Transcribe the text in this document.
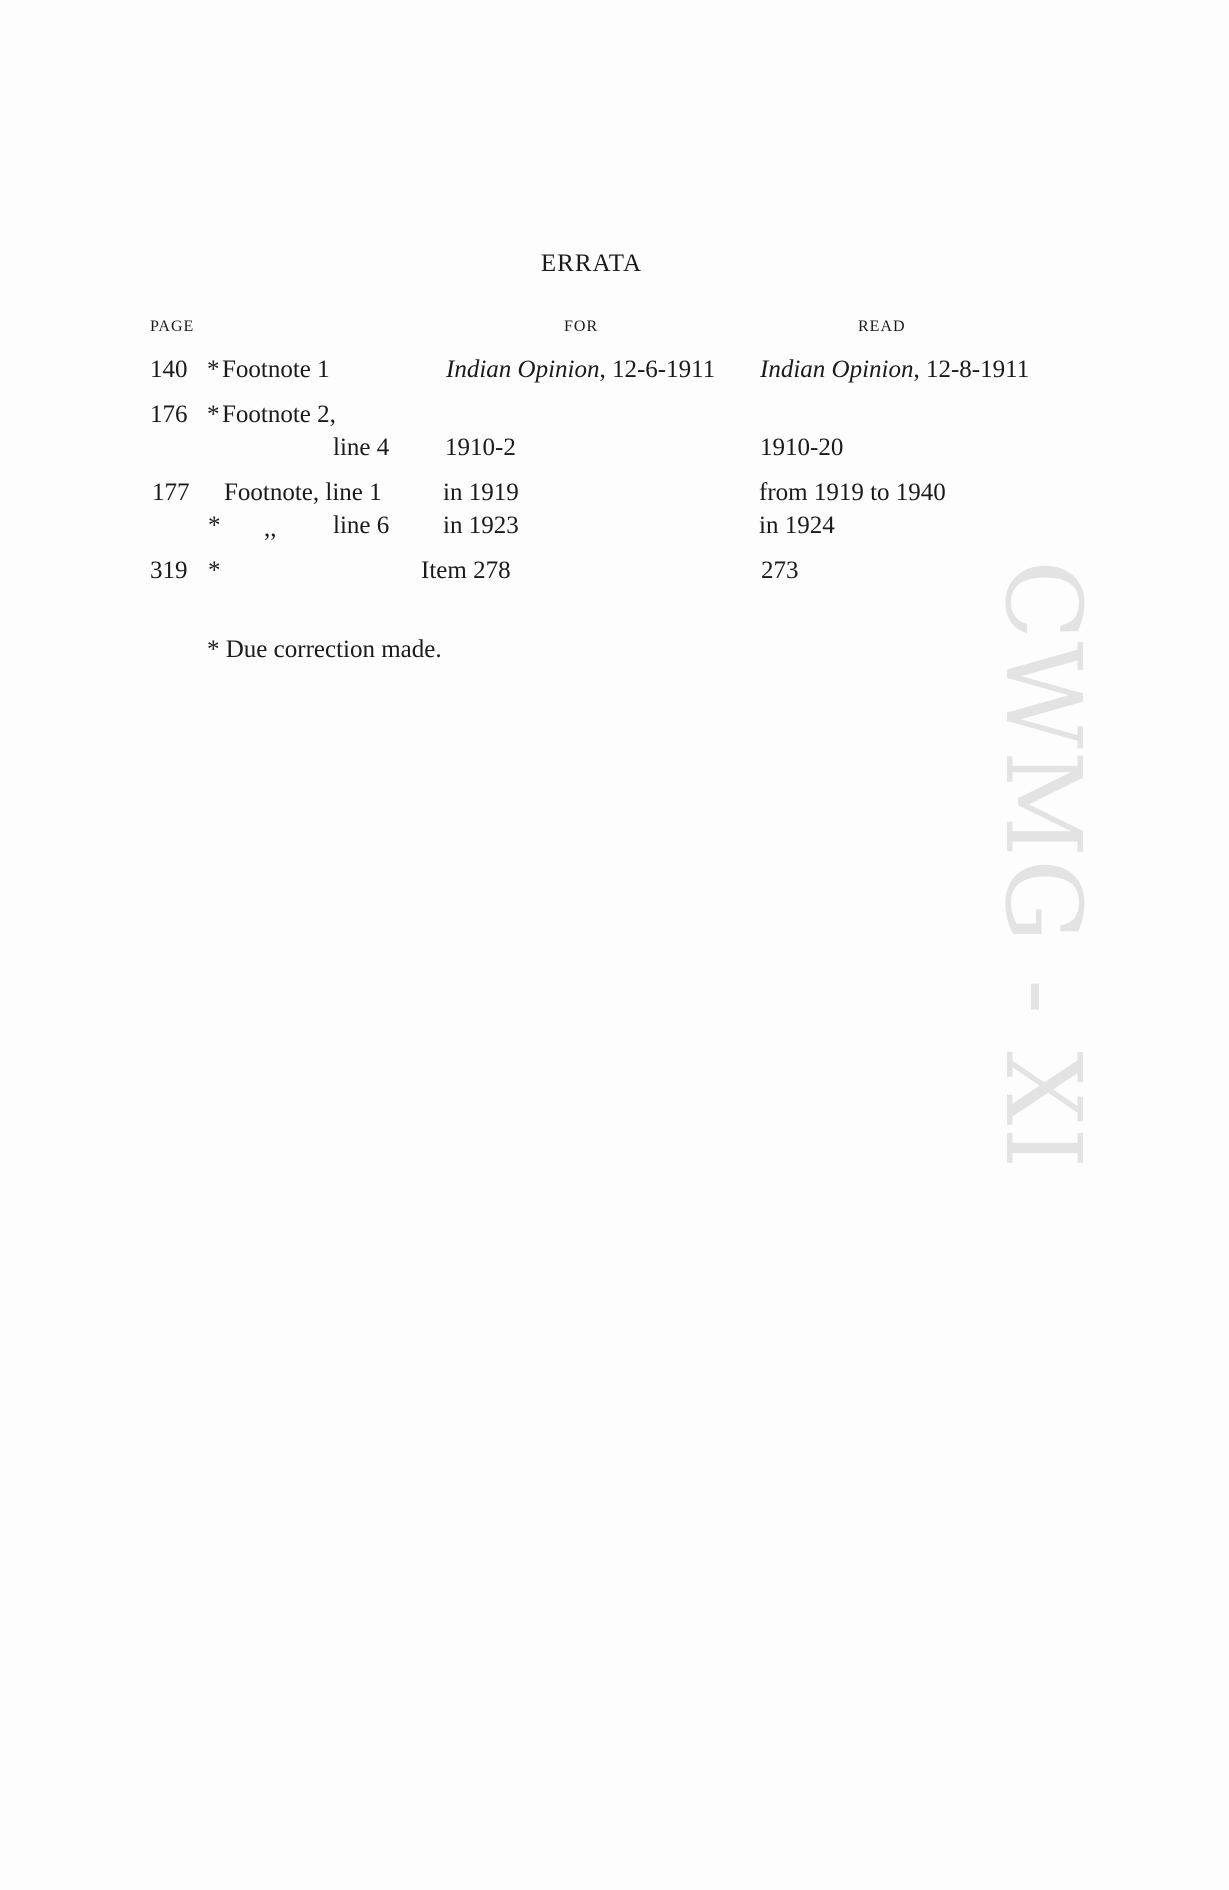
ERRATA
PAGE	FOR	READ
140 * Footnote 1	Indian Opinion, 12-6-1911 Indian Opinion, 12-8-1911
176 * Footnote 2,
line 4 1910-2	1910-20
177 Footnote, line 1 in 1919	from 1919 to 1940
* ,, line 6 in 1923	in 1924
319 *	Item 278	273
* Due correction made.	CWMG - XI
